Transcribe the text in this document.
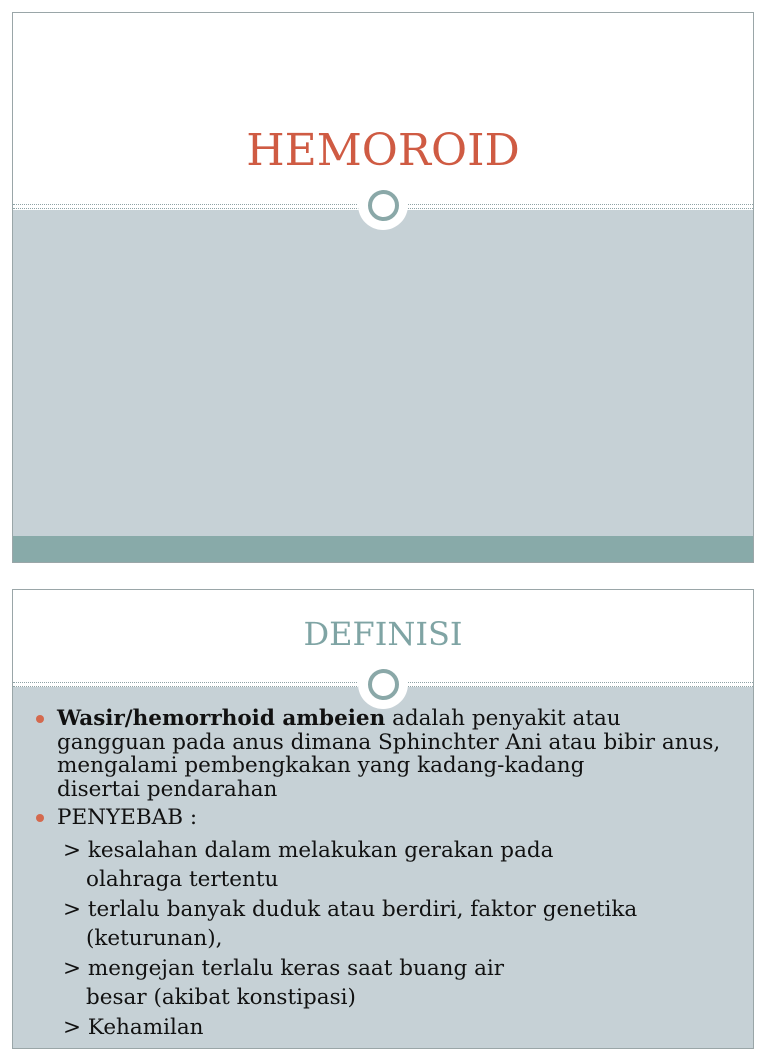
HEMOROID
DEFINISI
Wasir/hemorrhoid ambeien adalah penyakit atau
gangguan pada anus dimana Sphinchter Ani atau bibir anus,
mengalami pembengkakan yang kadang-kadang
disertai pendarahan
PENYEBAB :
> kesalahan dalam melakukan gerakan pada
olahraga tertentu
> terlalu banyak duduk atau berdiri, faktor genetika
(keturunan),
> mengejan terlalu keras saat buang air
besar (akibat konstipasi)
> Kehamilan
